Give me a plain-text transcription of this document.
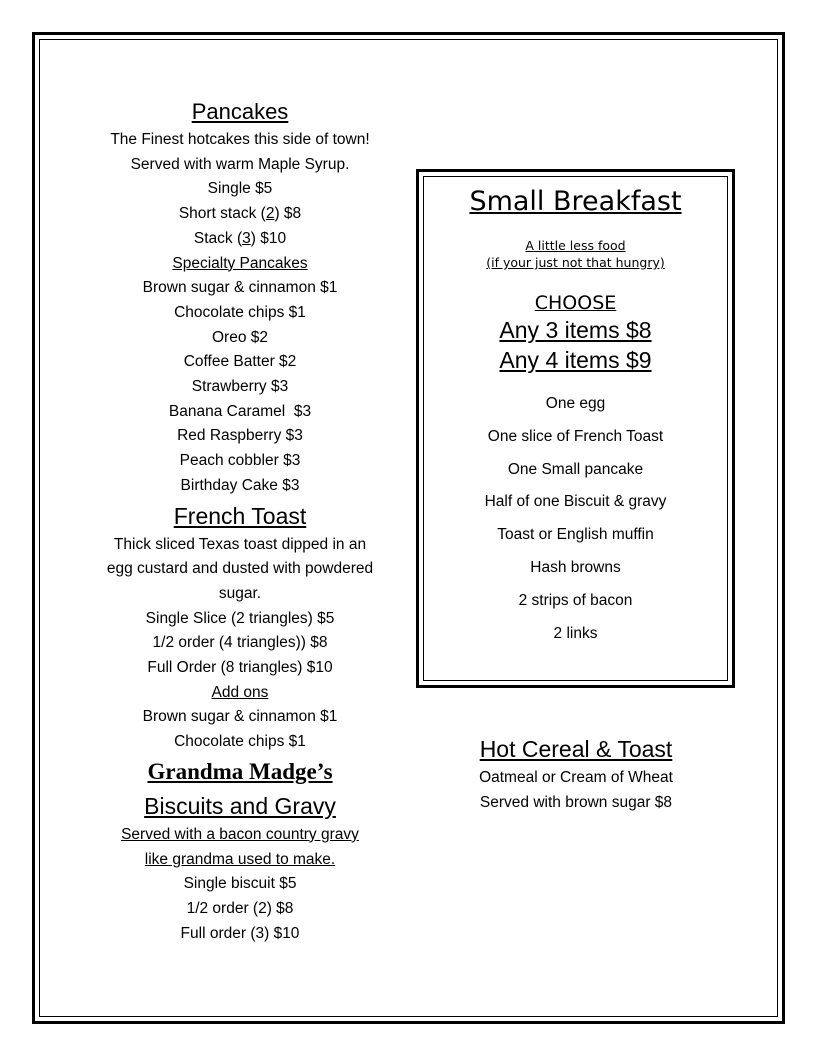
Pancakes
The Finest hotcakes this side of town!
Served with warm Maple Syrup.
Single $5
Short stack (2) $8
Stack (3) $10
Specialty Pancakes
Brown sugar & cinnamon $1
Chocolate chips $1
Oreo $2
Coffee Batter $2
Strawberry $3
Banana Caramel  $3
Red Raspberry $3
Peach cobbler $3
Birthday Cake $3
French Toast
Thick sliced Texas toast dipped in an
egg custard and dusted with powdered
sugar.
Single Slice (2 triangles) $5
1/2 order (4 triangles)) $8
Full Order (8 triangles) $10
Add ons
Brown sugar & cinnamon $1
Chocolate chips $1
Grandma Madge’s
Biscuits and Gravy
Served with a bacon country gravy
like grandma used to make.
Single biscuit $5
1/2 order (2) $8
Full order (3) $10
Small Breakfast
A little less food
(if your just not that hungry)
CHOOSE
Any 3 items $8
Any 4 items $9
One egg
One slice of French Toast
One Small pancake
Half of one Biscuit & gravy
Toast or English muffin
Hash browns
2 strips of bacon
2 links
Hot Cereal & Toast
Oatmeal or Cream of Wheat
Served with brown sugar $8
